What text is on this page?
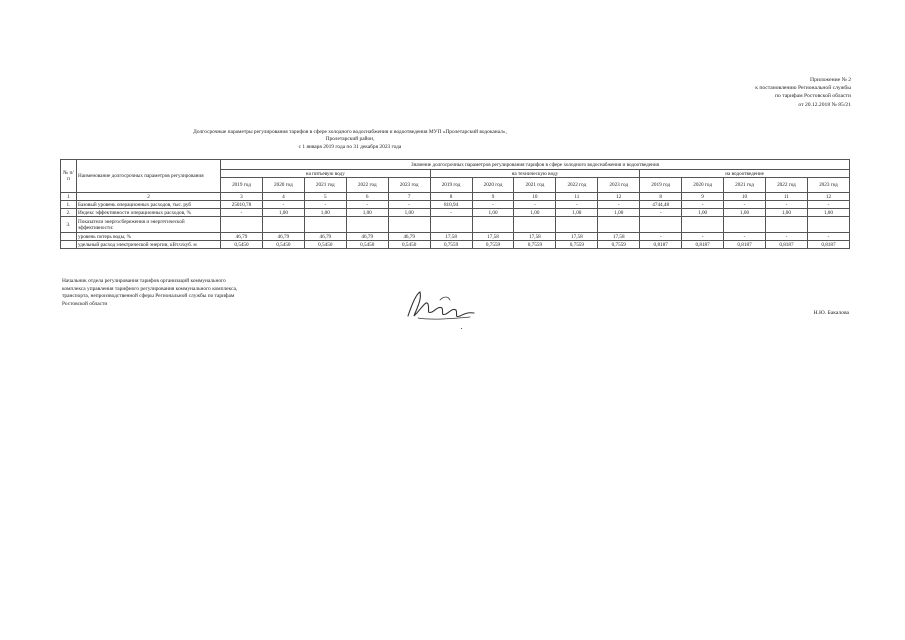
Приложение № 2
к постановлению Региональной службы
по тарифам Ростовской области
от 20.12.2018 № 85/21
Долгосрочные параметры регулирования тарифов в сфере холодного водоснабжения и водоотведения МУП «Пролетарский водоканал»,
Пролетарский район,
с 1 января 2019 года по 31 декабря 2023 года
№ п/п	Наименование долгосрочных параметров регулирования	Значение долгосрочных параметров регулирования тарифов в сфере холодного водоснабжения и водоотведения														
		на питьевую воду					на техническую воду					на водоотведение				
		2019 год	2020 год	2021 год	2022 год	2023 год	2019 год	2020 год	2021 год	2022 год	2023 год	2019 год	2020 год	2021 год	2022 год	2023 год
1	2	3	4	5	6	7	8	9	10	11	12	8	9	10	11	12
1.	Базовый уровень операционных расходов, тыс. руб	25010,78	-	-	-	-	810,94	-	-	-	-	4744,48	-	-	-	-
2.	Индекс эффективности операционных расходов, %	-	1,00	1,00	1,00	1,00	-	1,00	1,00	1,00	1,00	-	1,00	1,00	1,00	1,00
3.	Показатели энергосбережения и энергетической эффективности:															
	уровень потерь воды, %	46,79	46,79	46,79	46,79	46,79	17,58	17,58	17,58	17,58	17,58	-	-	-	-	-
	удельный расход электрической энергии, кВт.ч/куб. м	0,5450	0,5450	0,5450	0,5450	0,5450	0,7559	0,7559	0,7559	0,7559	0,7559	0,8187	0,8187	0,8187	0,8187	0,8187
Начальник отдела регулирования тарифов организаций коммунального
комплекса управления тарифного регулирования коммунального комплекса,
транспорта, непроизводственной сферы Региональной службы по тарифам
Ростовской области
Н.Ю. Бакалова
